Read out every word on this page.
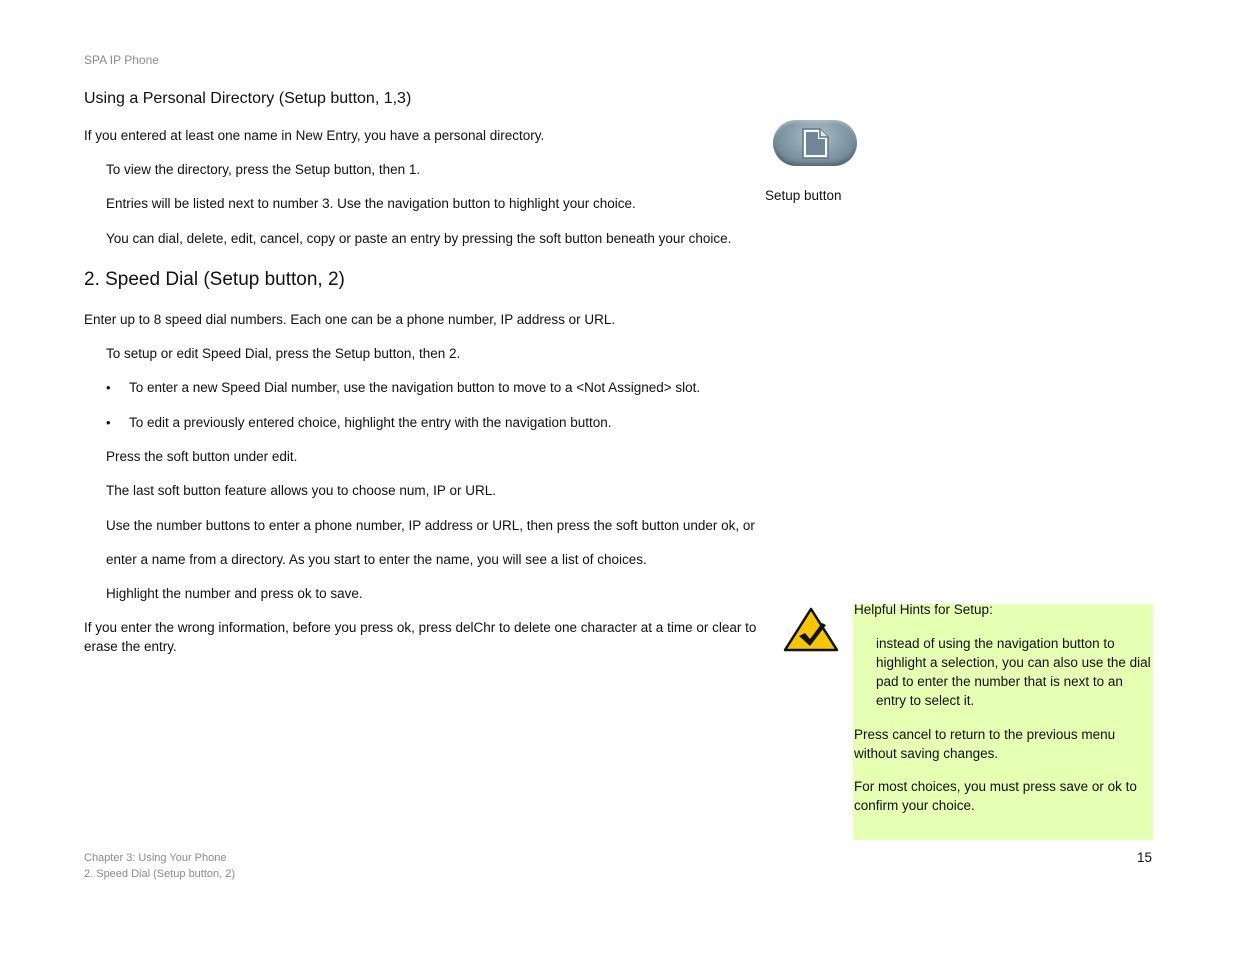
SPA IP Phone
Using a Personal Directory (Setup button, 1,3)
If you entered at least one name in New Entry, you have a personal directory.
To view the directory, press the Setup button, then 1.
Entries will be listed next to number 3. Use the navigation button to highlight your choice.
You can dial, delete, edit, cancel, copy or paste an entry by pressing the soft button beneath your choice.
Setup button
2. Speed Dial (Setup button, 2)
Enter up to 8 speed dial numbers. Each one can be a phone number, IP address or URL.
To setup or edit Speed Dial, press the Setup button, then 2.
• To enter a new Speed Dial number, use the navigation button to move to a <Not Assigned> slot.
• To edit a previously entered choice, highlight the entry with the navigation button.
Press the soft button under edit.
The last soft button feature allows you to choose num, IP or URL.
Use the number buttons to enter a phone number, IP address or URL, then press the soft button under ok, or
enter a name from a directory. As you start to enter the name, you will see a list of choices.
Highlight the number and press ok to save.
If you enter the wrong information, before you press ok, press delChr to delete one character at a time or clear to erase the entry.
Helpful Hints for Setup:
instead of using the navigation button to highlight a selection, you can also use the dial pad to enter the number that is next to an entry to select it.
Press cancel to return to the previous menu without saving changes.
For most choices, you must press save or ok to confirm your choice.
Chapter 3: Using Your Phone
2. Speed Dial (Setup button, 2)
15
